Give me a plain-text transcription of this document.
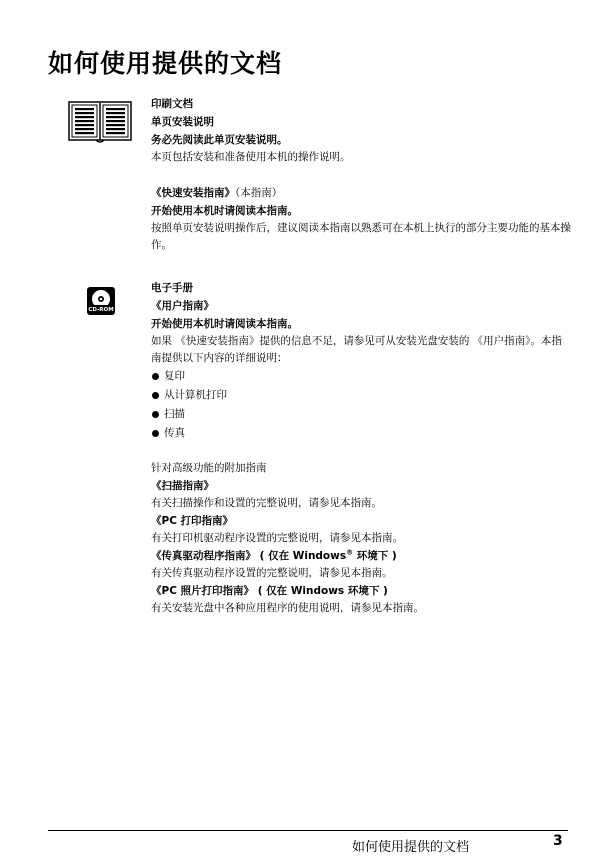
如何使用提供的文档
CD-ROM

印刷文档

单页安装说明

务必先阅读此单页安装说明。

本页包括安装和准备使用本机的操作说明。

《快速安装指南》（本指南）

开始使用本机时请阅读本指南。

按照单页安装说明操作后，建议阅读本指南以熟悉可在本机上执行的部分主要功能的基本操作。

电子手册

《用户指南》

开始使用本机时请阅读本指南。

如果 《快速安装指南》提供的信息不足，请参见可从安装光盘安装的 《用户指南》。本指南提供以下内容的详细说明：

复印
从计算机打印
扫描
传真

针对高级功能的附加指南

《扫描指南》

有关扫描操作和设置的完整说明，请参见本指南。

《PC 打印指南》

有关打印机驱动程序设置的完整说明，请参见本指南。

《传真驱动程序指南》 ( 仅在 Windows® 环境下 )

有关传真驱动程序设置的完整说明，请参见本指南。

《PC 照片打印指南》 ( 仅在 Windows 环境下 )

有关安装光盘中各种应用程序的使用说明，请参见本指南。

如何使用提供的文档	3
